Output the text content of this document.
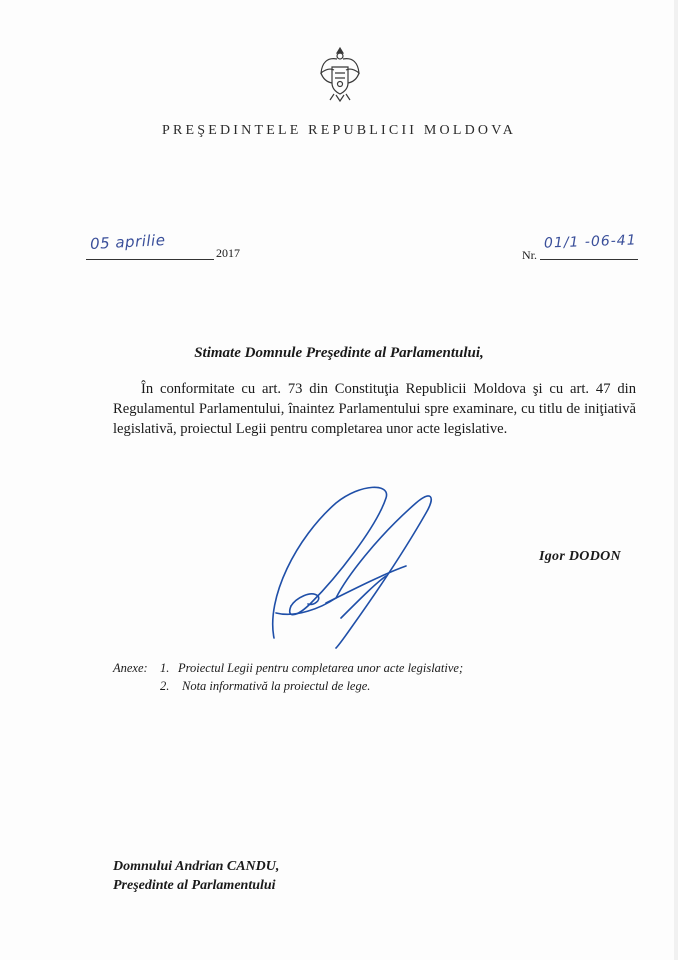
PREŞEDINTELE REPUBLICII MOLDOVA
05 aprilie
2017	Nr.
01/1 -06-41
Stimate Domnule Preşedinte al Parlamentului,
În conformitate cu art. 73 din Constituţia Republicii Moldova şi cu art. 47 din Regulamentul Parlamentului, înaintez Parlamentului spre examinare, cu titlu de iniţiativă legislativă, proiectul Legii pentru completarea unor acte legislative.
Igor DODON
Anexe: 1. Proiectul Legii pentru completarea unor acte legislative;
2.	Nota informativă la proiectul de lege.
Domnului Andrian CANDU,
Preşedinte al Parlamentului
